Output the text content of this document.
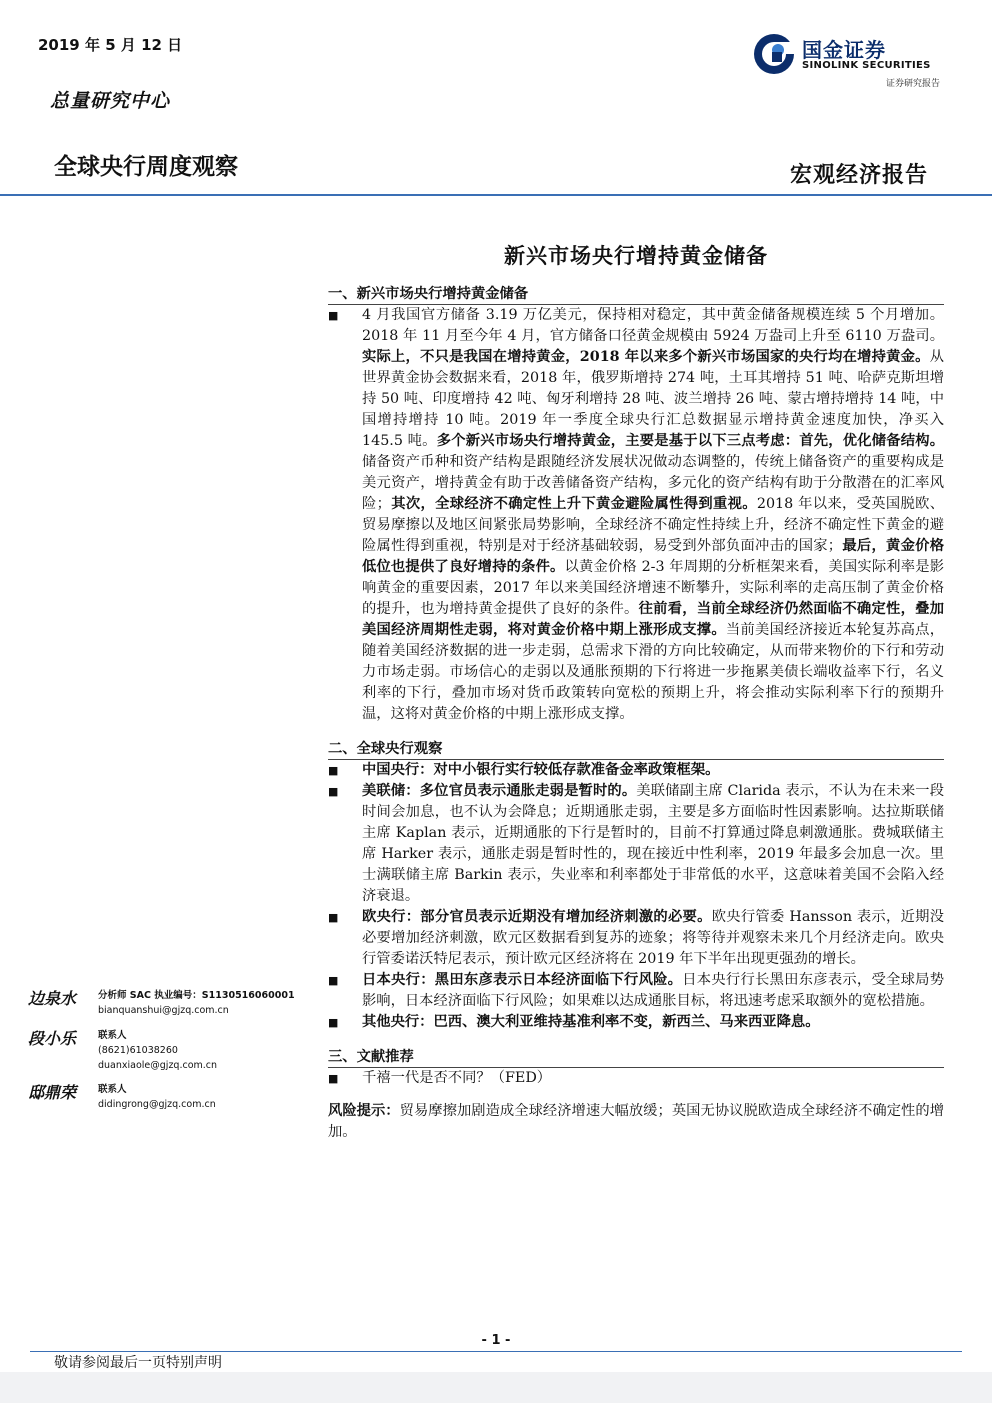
2019 年 5 月 12 日
总量研究中心
全球央行周度观察	宏观经济报告
国金证券
SINOLINK SECURITIES
证券研究报告
新兴市场央行增持黄金储备
一、新兴市场央行增持黄金储备
■	4 月我国官方储备 3.19 万亿美元，保持相对稳定，其中黄金储备规模连续 5 个月增加。2018 年 11 月至今年 4 月，官方储备口径黄金规模由 5924 万盎司上升至 6110 万盎司。实际上，不只是我国在增持黄金，2018 年以来多个新兴市场国家的央行均在增持黄金。从世界黄金协会数据来看，2018 年，俄罗斯增持 274 吨，土耳其增持 51 吨、哈萨克斯坦增持 50 吨、印度增持 42 吨、匈牙利增持 28 吨、波兰增持 26 吨、蒙古增持增持 14 吨，中国增持增持 10 吨。2019 年一季度全球央行汇总数据显示增持黄金速度加快，净买入 145.5 吨。多个新兴市场央行增持黄金，主要是基于以下三点考虑：首先，优化储备结构。储备资产币种和资产结构是跟随经济发展状况做动态调整的，传统上储备资产的重要构成是美元资产，增持黄金有助于改善储备资产结构，多元化的资产结构有助于分散潜在的汇率风险；其次，全球经济不确定性上升下黄金避险属性得到重视。2018 年以来，受英国脱欧、贸易摩擦以及地区间紧张局势影响，全球经济不确定性持续上升，经济不确定性下黄金的避险属性得到重视，特别是对于经济基础较弱，易受到外部负面冲击的国家；最后，黄金价格低位也提供了良好增持的条件。以黄金价格 2-3 年周期的分析框架来看，美国实际利率是影响黄金的重要因素，2017 年以来美国经济增速不断攀升，实际利率的走高压制了黄金价格的提升，也为增持黄金提供了良好的条件。往前看，当前全球经济仍然面临不确定性，叠加美国经济周期性走弱，将对黄金价格中期上涨形成支撑。当前美国经济接近本轮复苏高点，随着美国经济数据的进一步走弱，总需求下滑的方向比较确定，从而带来物价的下行和劳动力市场走弱。市场信心的走弱以及通胀预期的下行将进一步拖累美债长端收益率下行，名义利率的下行，叠加市场对货币政策转向宽松的预期上升，将会推动实际利率下行的预期升温，这将对黄金价格的中期上涨形成支撑。
二、全球央行观察
■	中国央行：对中小银行实行较低存款准备金率政策框架。
■	美联储：多位官员表示通胀走弱是暂时的。美联储副主席 Clarida 表示，不认为在未来一段时间会加息，也不认为会降息；近期通胀走弱，主要是多方面临时性因素影响。达拉斯联储主席 Kaplan 表示，近期通胀的下行是暂时的，目前不打算通过降息刺激通胀。费城联储主席 Harker 表示，通胀走弱是暂时性的，现在接近中性利率，2019 年最多会加息一次。里士满联储主席 Barkin 表示，失业率和利率都处于非常低的水平，这意味着美国不会陷入经济衰退。
■	欧央行：部分官员表示近期没有增加经济刺激的必要。欧央行管委 Hansson 表示，近期没必要增加经济刺激，欧元区数据看到复苏的迹象；将等待并观察未来几个月经济走向。欧央行管委诺沃特尼表示，预计欧元区经济将在 2019 年下半年出现更强劲的增长。
■	日本央行：黑田东彦表示日本经济面临下行风险。日本央行行长黑田东彦表示，受全球局势影响，日本经济面临下行风险；如果难以达成通胀目标，将迅速考虑采取额外的宽松措施。
■	其他央行：巴西、澳大利亚维持基准利率不变，新西兰、马来西亚降息。
三、文献推荐
■	千禧一代是否不同？（FED）
风险提示：贸易摩擦加剧造成全球经济增速大幅放缓；英国无协议脱欧造成全球经济不确定性的增加。
边泉水 分析师 SAC 执业编号：S1130516060001
bianquanshui@gjzq.com.cn
段小乐 联系人
(8621)61038260
duanxiaole@gjzq.com.cn
邸鼎荣 联系人
didingrong@gjzq.com.cn
- 1 -
敬请参阅最后一页特别声明
